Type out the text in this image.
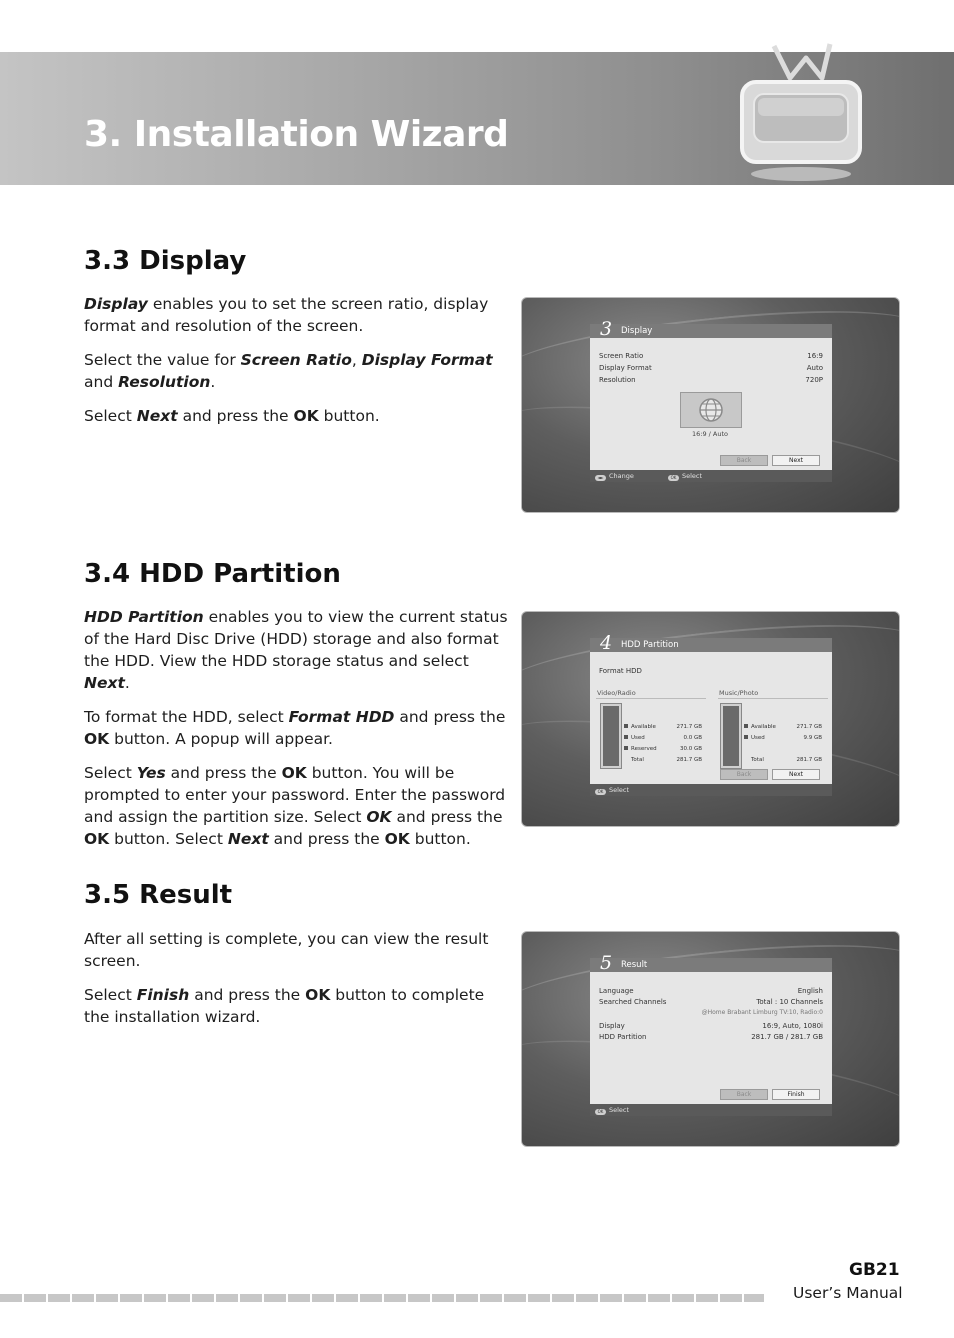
3. Installation Wizard
3.3 Display

Display enables you to set the screen ratio, display format and resolution of the screen.

Select the value for Screen Ratio, Display Format and Resolution.

Select Next and press the OK button.

3 Display
Screen Ratio	16:9
Display Format	Auto
Resolution	720P
16:9 / Auto
Back	Next
◄► Change	OK Select
3.4 HDD Partition

HDD Partition enables you to view the current status of the Hard Disc Drive (HDD) storage and also format the HDD. View the HDD storage status and select Next.

To format the HDD, select Format HDD and press the OK button. A popup will appear.

Select Yes and press the OK button. You will be prompted to enter your password. Enter the password and assign the partition size. Select OK and press the OK button. Select Next and press the OK button.

4 HDD Partition
Format HDD
Video/Radio	Music/Photo
Available	271.7 GB
Used	0.0 GB
Reserved	30.0 GB
Total	281.7 GB
Available	271.7 GB
Used	9.9 GB
Total	281.7 GB
Back	Next
OK Select
3.5 Result

After all setting is complete, you can view the result screen.

Select Finish and press the OK button to complete the installation wizard.

5 Result
Language	English
Searched Channels	Total : 10 Channels
@Home Brabant Limburg TV:10, Radio:0
Display	16:9, Auto, 1080i
HDD Partition	281.7 GB / 281.7 GB
Back	Finish
OK Select
GB21
User’s Manual
